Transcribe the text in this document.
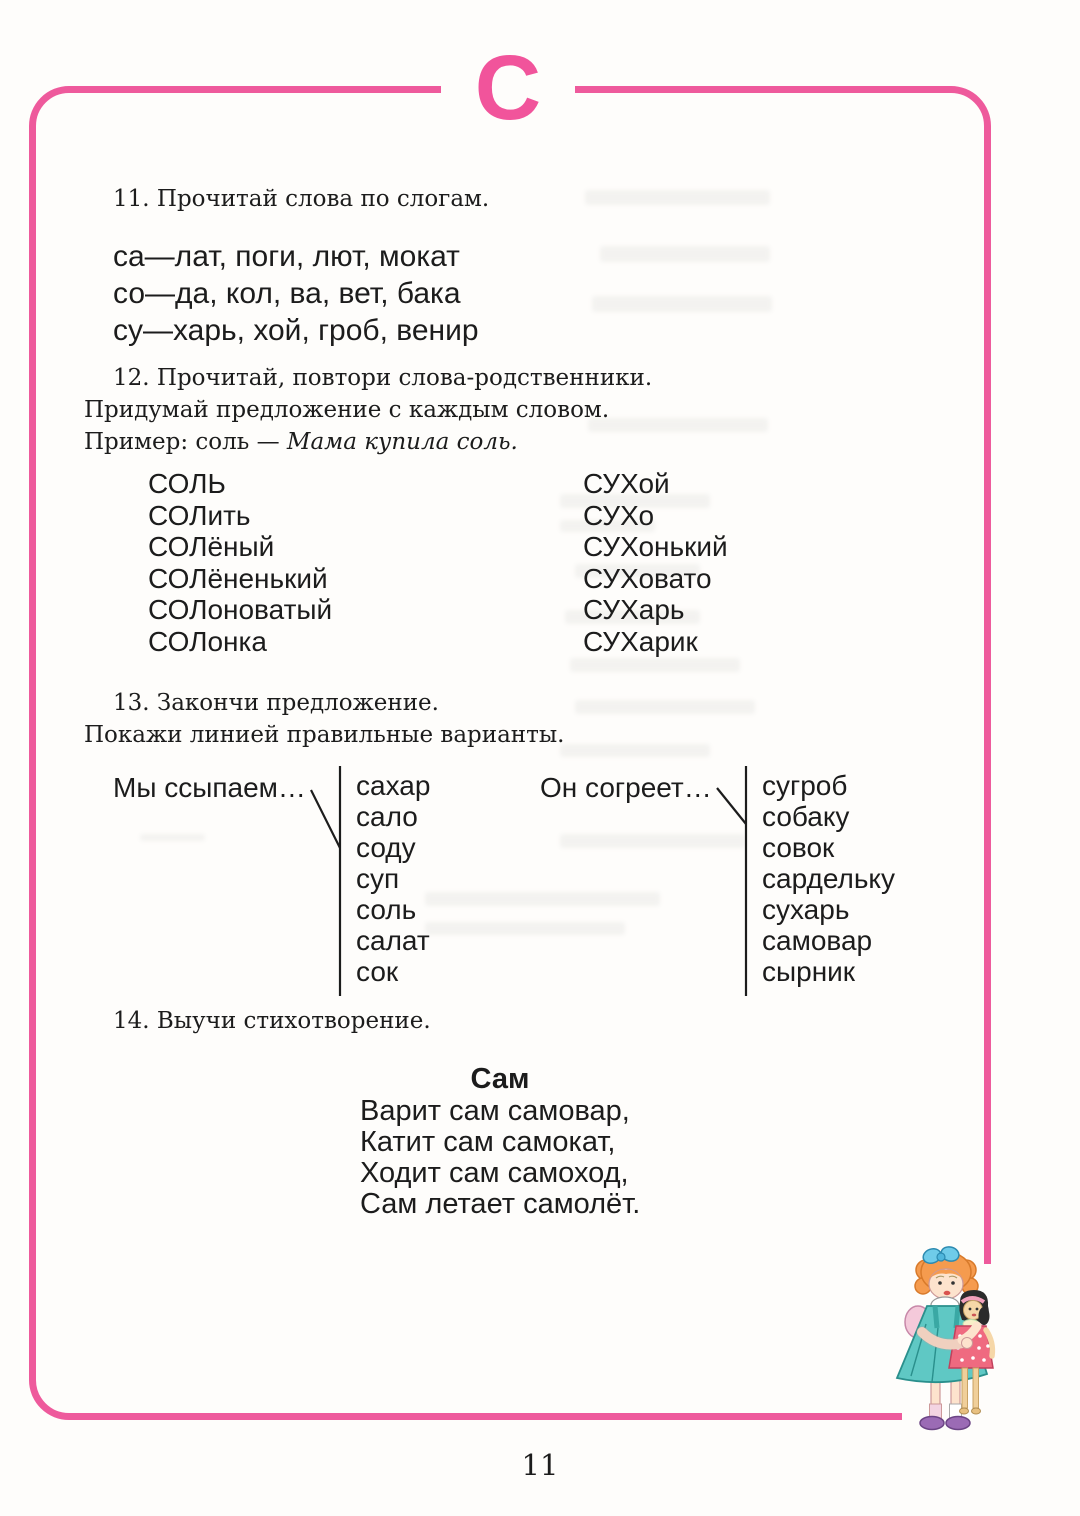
С

11. Прочитай слова по слогам.

са—лат, поги, лют, мокат

со—да, кол, ва, вет, бака

су—харь, хой, гроб, венир

12. Прочитай, повтори слова-родственники.

Придумай предложение с каждым словом.

Пример: соль — Мама купила соль.

СОЛЬ

СОЛить

СОЛёный

СОЛёненький

СОЛоноватый

СОЛонка

СУХой

СУХо

СУХонький

СУХовато

СУХарь

СУХарик

13. Закончи предложение.

Покажи линией правильные варианты.

Мы ссыпаем… сахар

сало

соду

суп

соль

салат

сок

Он согреет… сугроб

собаку

совок

сардельку

сухарь

самовар

сырник

14. Выучи стихотворение.

Сам

Варит сам самовар,

Катит сам самокат,

Ходит сам самоход,

Сам летает самолёт.

11
